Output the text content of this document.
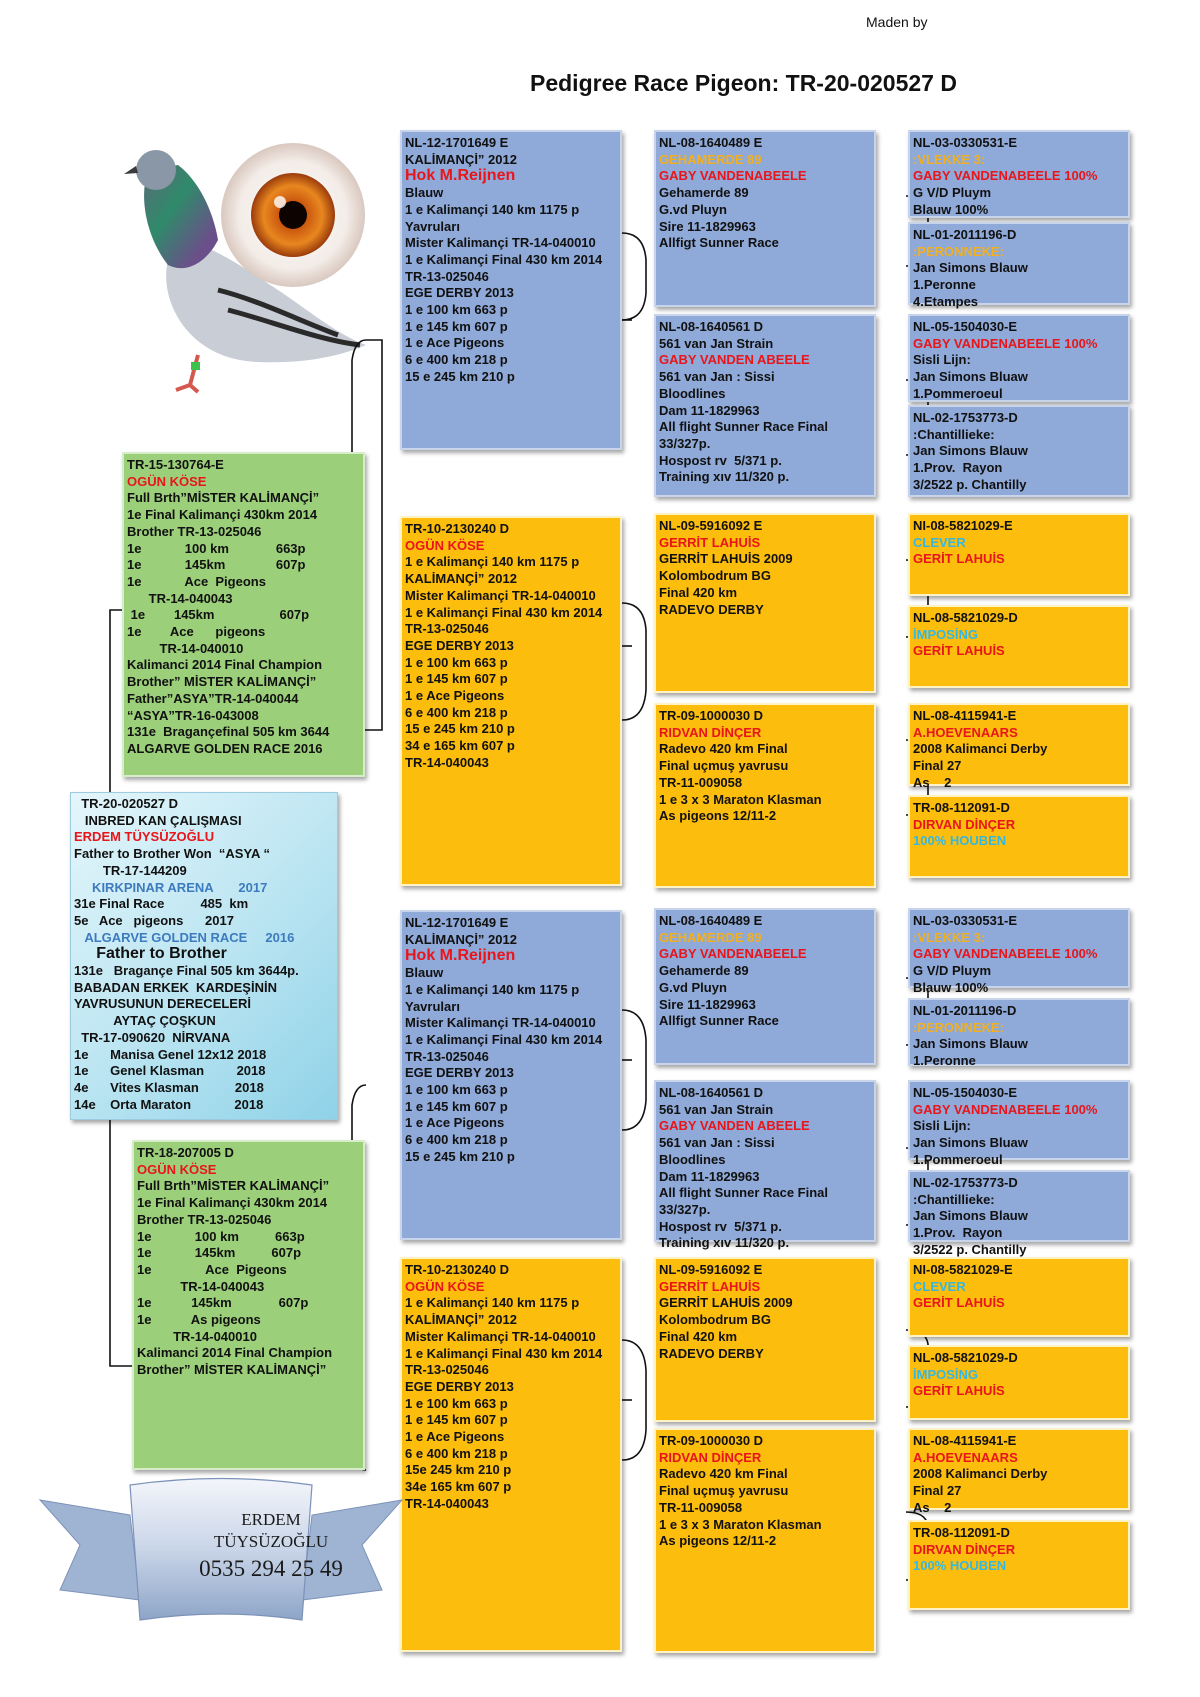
Maden by
Pedigree Race Pigeon: TR-20-020527 D
TR-20-020527 D
INBRED KAN ÇALIŞMASI
ERDEM TÜYSÜZOĞLU
Father to Brother Won  “ASYA “
TR-17-144209
KIRKPINAR ARENA       2017
31e Final Race          485  km
5e   Ace   pigeons      2017
ALGARVE GOLDEN RACE     2016
Father to Brother
131e   Bragançe Final 505 km 3644p.
BABADAN ERKEK  KARDEŞİNİN
YAVRUSUNUN DERECELERİ
AYTAÇ ÇOŞKUN
TR-17-090620  NİRVANA
1e      Manisa Genel 12x12 2018
1e      Genel Klasman         2018
4e      Vites Klasman          2018
14e    Orta Maraton            2018
TR-15-130764-E
OGÜN KÖSE
Full Brth”MİSTER KALİMANÇİ”
1e Final Kalimançi 430km 2014
Brother TR-13-025046
1e            100 km             663p
1e            145km              607p
1e            Ace  Pigeons
TR-14-040043
1e        145km                  607p
1e        Ace      pigeons
TR-14-040010
Kalimanci 2014 Final Champion
Brother” MİSTER KALİMANÇİ”
Father”ASYA”TR-14-040044
“ASYA”TR-16-043008
131e  Bragançefinal 505 km 3644
ALGARVE GOLDEN RACE 2016
TR-18-207005 D
OGÜN KÖSE
Full Brth”MİSTER KALİMANÇİ”
1e Final Kalimançi 430km 2014
Brother TR-13-025046
1e            100 km          663p
1e            145km          607p
1e               Ace  Pigeons
TR-14-040043
1e           145km             607p
1e           As pigeons
TR-14-040010
Kalimanci 2014 Final Champion
Brother” MİSTER KALİMANÇİ”
NL-12-1701649 E
KALİMANÇİ” 2012
Hok M.Reijnen
Blauw
1 e Kalimançi 140 km 1175 p
Yavruları
Mister Kalimançi TR-14-040010
1 e Kalimançi Final 430 km 2014
TR-13-025046
EGE DERBY 2013
1 e 100 km 663 p
1 e 145 km 607 p
1 e Ace Pigeons
6 e 400 km 218 p
15 e 245 km 210 p
TR-10-2130240 D
OGÜN KÖSE
1 e Kalimançi 140 km 1175 p
KALİMANÇİ” 2012
Mister Kalimançi TR-14-040010
1 e Kalimançi Final 430 km 2014
TR-13-025046
EGE DERBY 2013
1 e 100 km 663 p
1 e 145 km 607 p
1 e Ace Pigeons
6 e 400 km 218 p
15 e 245 km 210 p
34 e 165 km 607 p
TR-14-040043
NL-12-1701649 E
KALİMANÇİ” 2012
Hok M.Reijnen
Blauw
1 e Kalimançi 140 km 1175 p
Yavruları
Mister Kalimançi TR-14-040010
1 e Kalimançi Final 430 km 2014
TR-13-025046
EGE DERBY 2013
1 e 100 km 663 p
1 e 145 km 607 p
1 e Ace Pigeons
6 e 400 km 218 p
15 e 245 km 210 p
TR-10-2130240 D
OGÜN KÖSE
1 e Kalimançi 140 km 1175 p
KALİMANÇİ” 2012
Mister Kalimançi TR-14-040010
1 e Kalimançi Final 430 km 2014
TR-13-025046
EGE DERBY 2013
1 e 100 km 663 p
1 e 145 km 607 p
1 e Ace Pigeons
6 e 400 km 218 p
15e 245 km 210 p
34e 165 km 607 p
TR-14-040043
NL-08-1640489 E
GEHAMERDE 89
GABY VANDENABEELE
Gehamerde 89
G.vd Pluyn
Sire 11-1829963
Allfigt Sunner Race
NL-08-1640561 D
561 van Jan Strain
GABY VANDEN ABEELE
561 van Jan : Sissi
Bloodlines
Dam 11-1829963
All flight Sunner Race Final
33/327p.
Hospost rv  5/371 p.
Training xıv 11/320 p.
NL-09-5916092 E
GERRİT LAHUİS
GERRİT LAHUİS 2009
Kolombodrum BG
Final 420 km
RADEVO DERBY
TR-09-1000030 D
RIDVAN DİNÇER
Radevo 420 km Final
Final uçmuş yavrusu
TR-11-009058
1 e 3 x 3 Maraton Klasman
As pigeons 12/11-2
NL-08-1640489 E
GEHAMERDE 89
GABY VANDENABEELE
Gehamerde 89
G.vd Pluyn
Sire 11-1829963
Allfigt Sunner Race
NL-08-1640561 D
561 van Jan Strain
GABY VANDEN ABEELE
561 van Jan : Sissi
Bloodlines
Dam 11-1829963
All flight Sunner Race Final
33/327p.
Hospost rv  5/371 p.
Training xıv 11/320 p.
NL-09-5916092 E
GERRİT LAHUİS
GERRİT LAHUİS 2009
Kolombodrum BG
Final 420 km
RADEVO DERBY
TR-09-1000030 D
RIDVAN DİNÇER
Radevo 420 km Final
Final uçmuş yavrusu
TR-11-009058
1 e 3 x 3 Maraton Klasman
As pigeons 12/11-2
NL-03-0330531-E
:VLEKKE 3:
GABY VANDENABEELE 100%
G V/D Pluym
Blauw 100%
NL-01-2011196-D
:PERONNEKE:
Jan Simons Blauw
1.Peronne
4.Etampes
NL-05-1504030-E
GABY VANDENABEELE 100%
Sisli Lijn:
Jan Simons Bluaw
1.Pommeroeul
NL-02-1753773-D
:Chantillieke:
Jan Simons Blauw
1.Prov.  Rayon
3/2522 p. Chantilly
NI-08-5821029-E
CLEVER
GERİT LAHUİS
NL-08-5821029-D
İMPOSİNG
GERİT LAHUİS
NL-08-4115941-E
A.HOEVENAARS
2008 Kalimanci Derby
Final 27
As    2
TR-08-112091-D
DIRVAN DİNÇER
100% HOUBEN
NL-03-0330531-E
:VLEKKE 3:
GABY VANDENABEELE 100%
G V/D Pluym
Blauw 100%
NL-01-2011196-D
:PERONNEKE:
Jan Simons Blauw
1.Peronne
NL-05-1504030-E
GABY VANDENABEELE 100%
Sisli Lijn:
Jan Simons Bluaw
1.Pommeroeul
NL-02-1753773-D
:Chantillieke:
Jan Simons Blauw
1.Prov.  Rayon
3/2522 p. Chantilly
NI-08-5821029-E
CLEVER
GERİT LAHUİS
NL-08-5821029-D
İMPOSİNG
GERİT LAHUİS
NL-08-4115941-E
A.HOEVENAARS
2008 Kalimanci Derby
Final 27
As    2
TR-08-112091-D
DIRVAN DİNÇER
100% HOUBEN
ERDEM
TÜYSÜZOĞLU
0535 294 25 49
